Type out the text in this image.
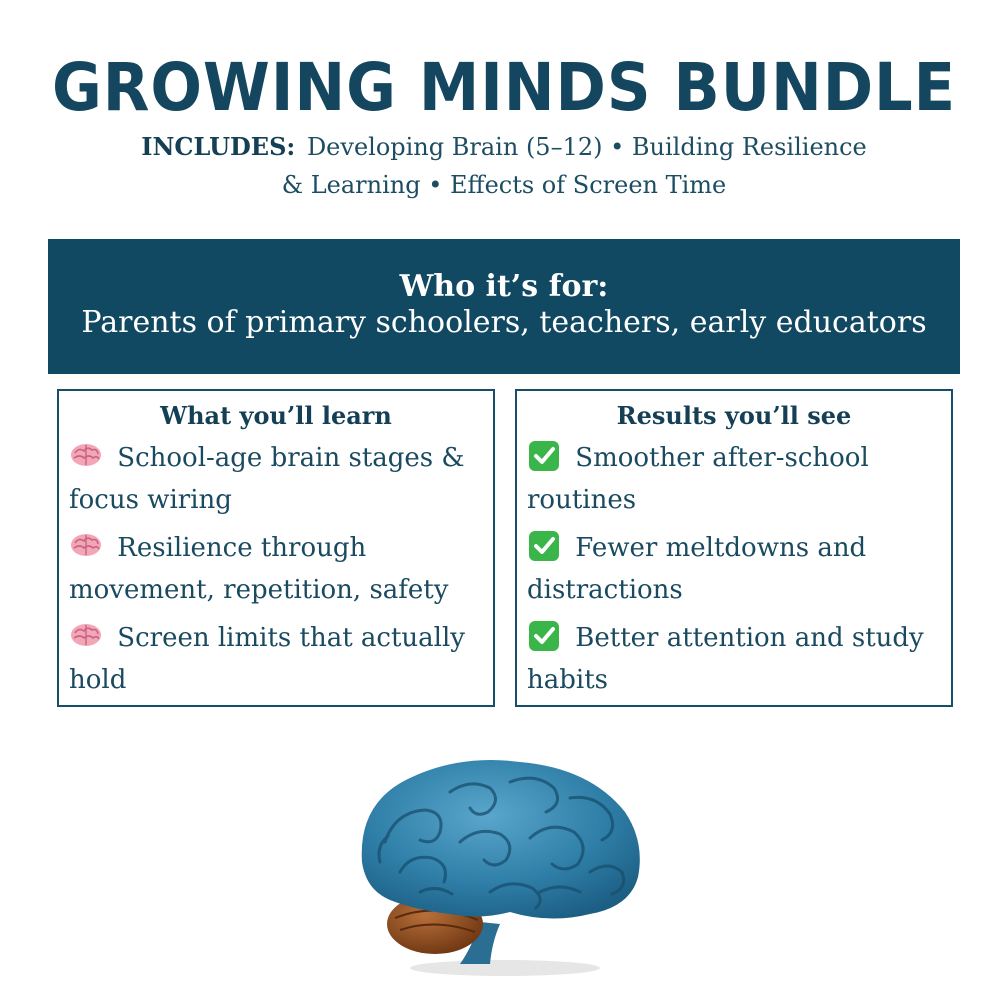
GROWING MINDS BUNDLE
INCLUDES: Developing Brain (5–12) • Building Resilience & Learning • Effects of Screen Time
Who it’s for:
Parents of primary schoolers, teachers, early educators
What you’ll learn
School-age brain stages & focus wiring
Resilience through movement, repetition, safety
Screen limits that actually hold
Results you’ll see
Smoother after-school routines
Fewer meltdowns and distractions
Better attention and study habits
